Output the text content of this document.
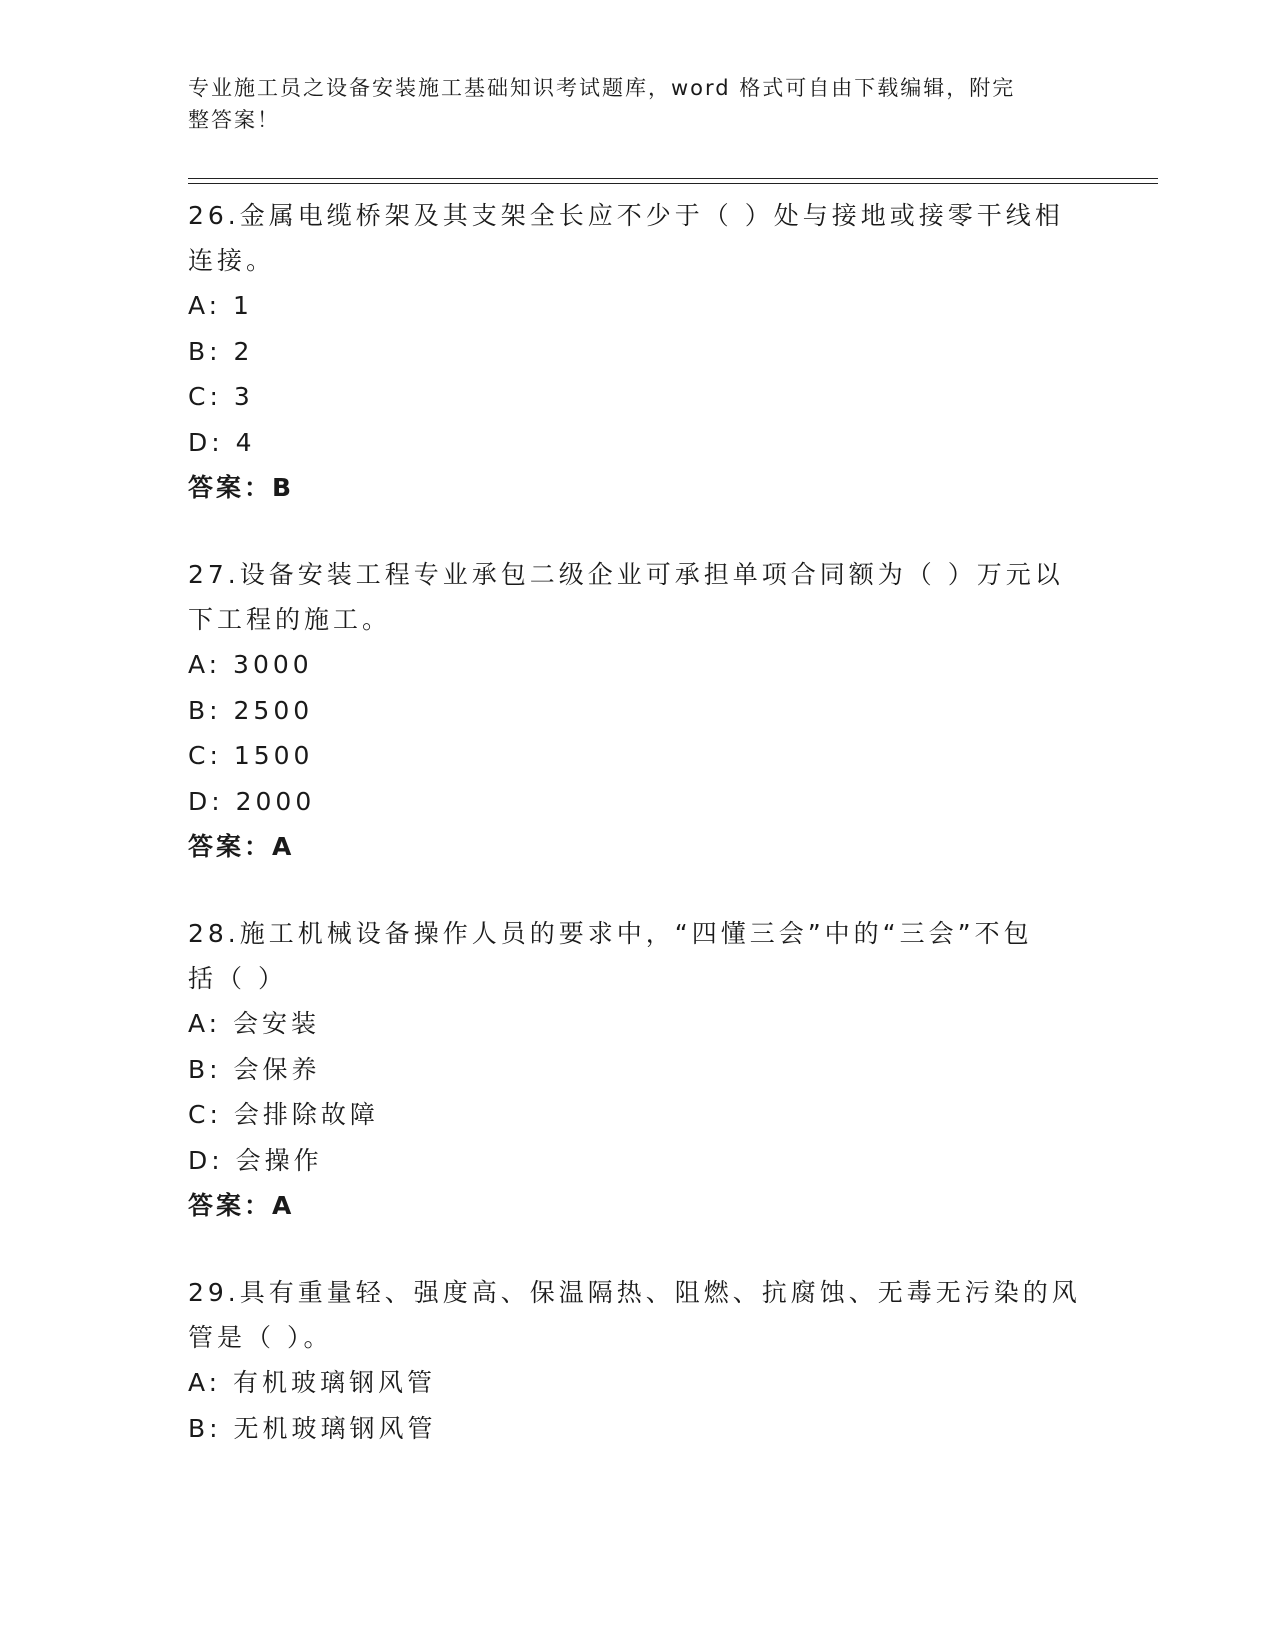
专业施工员之设备安装施工基础知识考试题库，word 格式可自由下载编辑，附完
整答案！
26.金属电缆桥架及其支架全长应不少于（ ）处与接地或接零干线相
连接。
A: 1
B: 2
C: 3
D: 4
答案：B
27.设备安装工程专业承包二级企业可承担单项合同额为（ ）万元以
下工程的施工。
A: 3000
B: 2500
C: 1500
D: 2000
答案：A
28.施工机械设备操作人员的要求中，“四懂三会”中的“三会”不包
括（ ）
A: 会安装
B: 会保养
C: 会排除故障
D: 会操作
答案：A
29.具有重量轻、强度高、保温隔热、阻燃、抗腐蚀、无毒无污染的风
管是（ ）。
A: 有机玻璃钢风管
B: 无机玻璃钢风管
